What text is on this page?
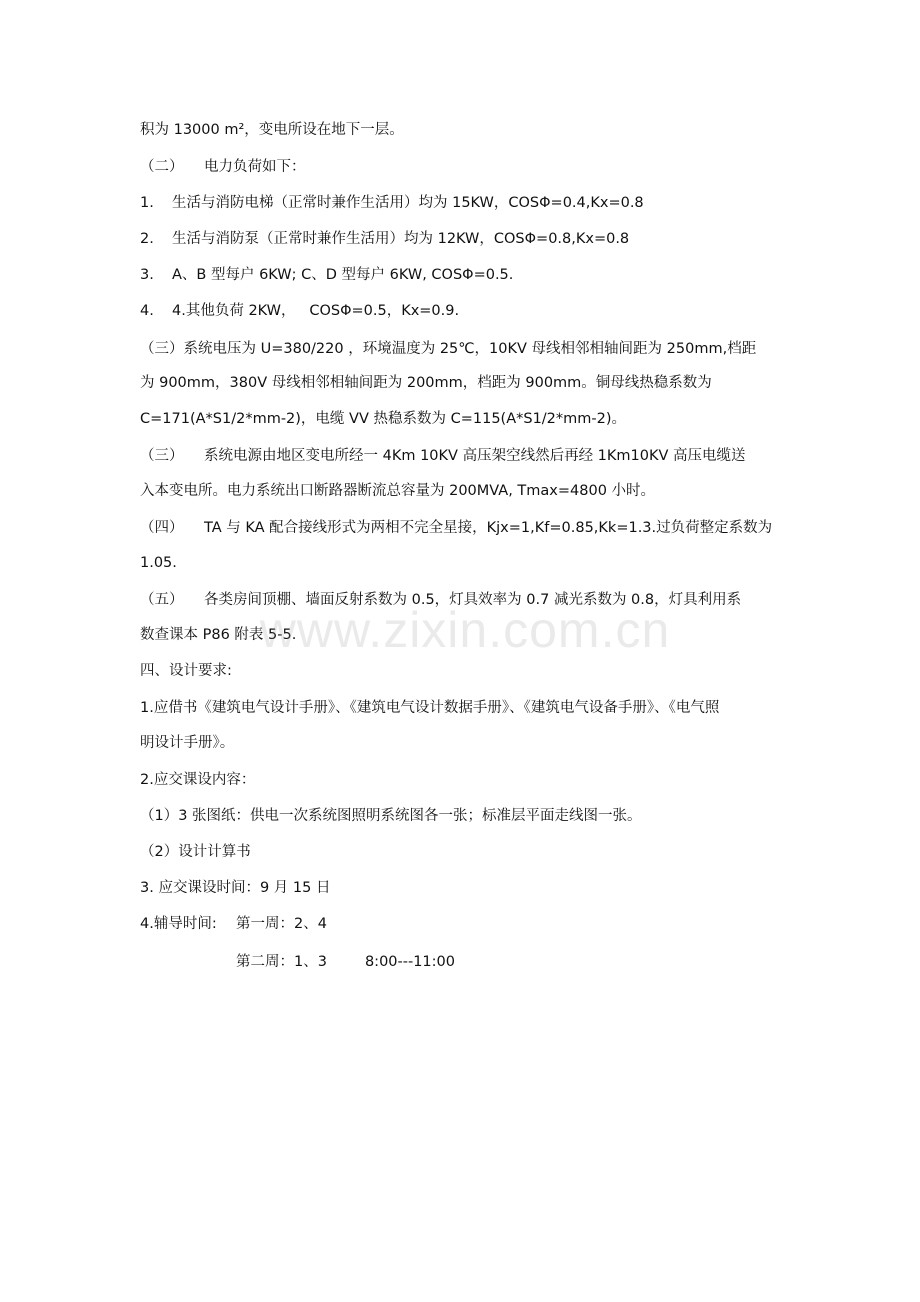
积为 13000 m²，变电所设在地下一层。
（二） 电力负荷如下：
1. 生活与消防电梯（正常时兼作生活用）均为 15KW，COSΦ=0.4,Kx=0.8
2. 生活与消防泵（正常时兼作生活用）均为 12KW，COSΦ=0.8,Kx=0.8
3. A、B 型每户 6KW; C、D 型每户 6KW, COSΦ=0.5.
4. 4.其他负荷 2KW，   COSΦ=0.5，Kx=0.9.
（三）系统电压为 U=380/220 ，环境温度为 25℃，10KV 母线相邻相轴间距为 250mm,档距
为 900mm，380V 母线相邻相轴间距为 200mm，档距为 900mm。铜母线热稳系数为
C=171(A*S1/2*mm-2)，电缆 VV 热稳系数为 C=115(A*S1/2*mm-2)。
（三） 系统电源由地区变电所经一 4Km 10KV 高压架空线然后再经 1Km10KV 高压电缆送
入本变电所。电力系统出口断路器断流总容量为 200MVA, Tmax=4800 小时。
（四） TA 与 KA 配合接线形式为两相不完全星接，Kjx=1,Kf=0.85,Kk=1.3.过负荷整定系数为
1.05.
（五） 各类房间顶棚、墙面反射系数为 0.5，灯具效率为 0.7 减光系数为 0.8，灯具利用系
数查课本 P86 附表 5-5.
四、设计要求:
1.应借书《建筑电气设计手册》、《建筑电气设计数据手册》、《建筑电气设备手册》、《电气照
明设计手册》。
2.应交课设内容：
（1）3 张图纸：供电一次系统图照明系统图各一张；标准层平面走线图一张。
（2）设计计算书
3. 应交课设时间：9 月 15 日
4.辅导时间: 第一周：2、4
第二周：1、3	8:00---11:00
www.zixin.com.cn
